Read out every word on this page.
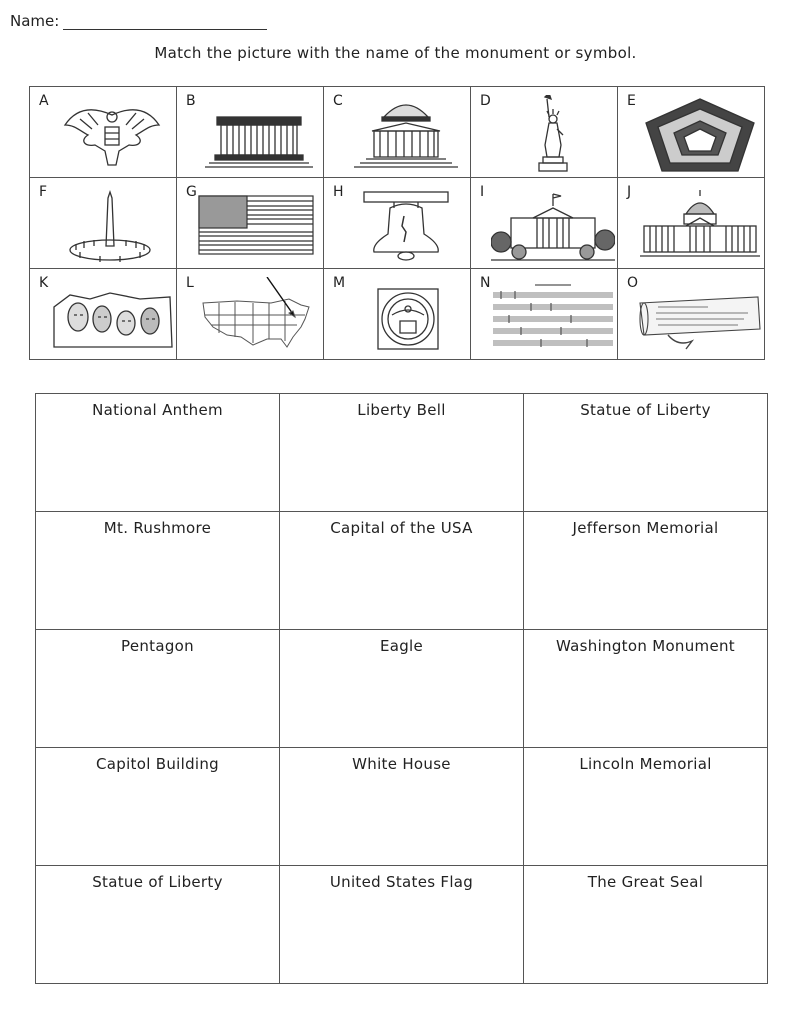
Name:
Match the picture with the name of the monument or symbol.
A	B	C	D	E

F	G	H	I	J

K	L	M	N	O
National Anthem	Liberty Bell	Statue of Liberty

Mt. Rushmore	Capital of the USA	Jefferson Memorial

Pentagon	Eagle	Washington Monument

Capitol Building	White House	Lincoln Memorial

Statue of Liberty	United States Flag	The Great Seal
